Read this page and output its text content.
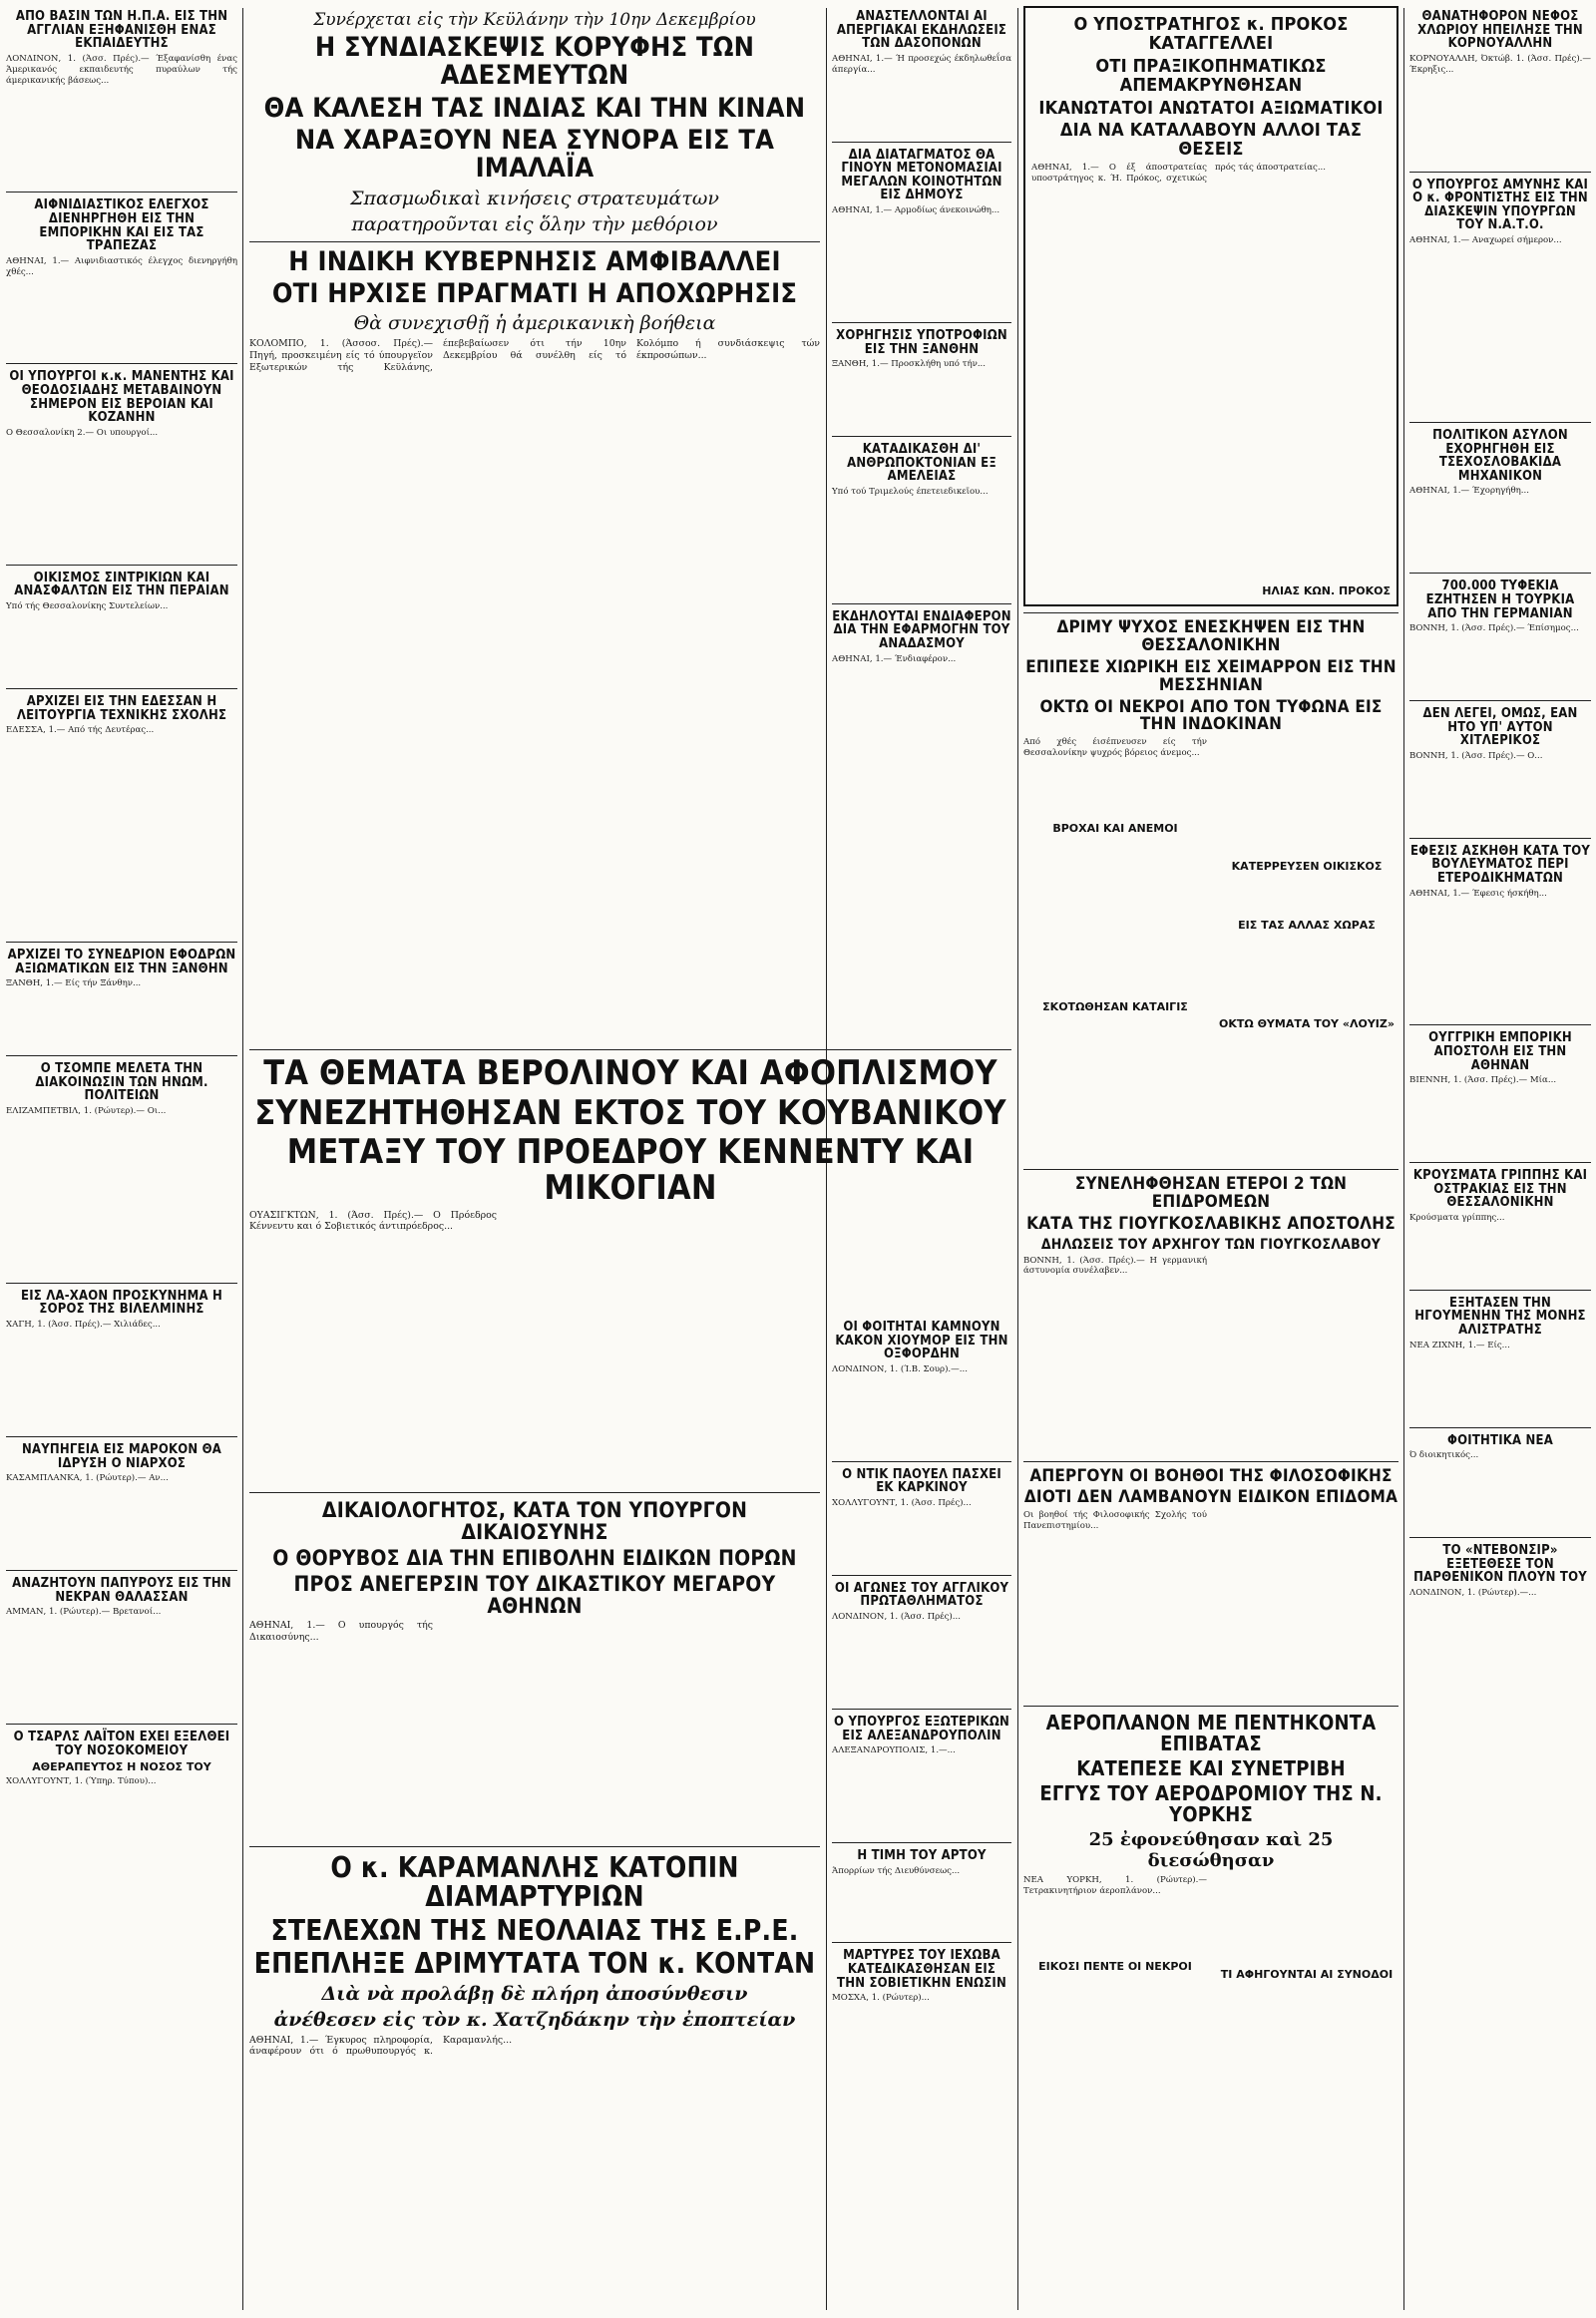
ΑΠΟ ΒΑΣΙΝ ΤΩΝ Η.Π.Α. ΕΙΣ ΤΗΝ ΑΓΓΛΙΑΝ ΕΞΗΦΑΝΙΣΘΗ ΕΝΑΣ ΕΚΠΑΙΔΕΥΤΗΣ
ΛΟΝΔΙΝΟΝ, 1. (Άσσ. Πρές).— Έξαφανίσθη ένας Άμερικανός εκπαιδευτής πυραύλων τής άμερικανικής βάσεως...
ΑΙΦΝΙΔΙΑΣΤΙΚΟΣ ΕΛΕΓΧΟΣ ΔΙΕΝΗΡΓΗΘΗ ΕΙΣ ΤΗΝ ΕΜΠΟΡΙΚΗΝ ΚΑΙ ΕΙΣ ΤΑΣ ΤΡΑΠΕΖΑΣ
ΑΘΗΝΑΙ, 1.— Αιφνιδιαστικός έλεγχος διενηργήθη χθές...
ΟΙ ΥΠΟΥΡΓΟΙ κ.κ. ΜΑΝΕΝΤΗΣ ΚΑΙ ΘΕΟΔΟΣΙΑΔΗΣ ΜΕΤΑΒΑΙΝΟΥΝ ΣΗΜΕΡΟΝ ΕΙΣ ΒΕΡΟΙΑΝ ΚΑΙ ΚΟΖΑΝΗΝ
Ο Θεσσαλονίκη 2.— Οι υπουργοί...
ΟΙΚΙΣΜΟΣ ΣΙΝΤΡΙΚΙΩΝ ΚΑΙ ΑΝΑΣΦΑΛΤΩΝ ΕΙΣ ΤΗΝ ΠΕΡΑΙΑΝ
Υπό τής Θεσσαλονίκης Συντελείων...
ΑΡΧΙΖΕΙ ΕΙΣ ΤΗΝ ΕΔΕΣΣΑΝ Η ΛΕΙΤΟΥΡΓΙΑ ΤΕΧΝΙΚΗΣ ΣΧΟΛΗΣ
ΕΔΕΣΣΑ, 1.— Από τής Δευτέρας...
ΑΡΧΙΖΕΙ ΤΟ ΣΥΝΕΔΡΙΟΝ ΕΦΟΔΡΩΝ ΑΞΙΩΜΑΤΙΚΩΝ ΕΙΣ ΤΗΝ ΞΑΝΘΗΝ
ΞΑΝΘΗ, 1.— Είς τήν Ξάνθην...
Ο ΤΣΟΜΠΕ ΜΕΛΕΤΑ ΤΗΝ ΔΙΑΚΟΙΝΩΣΙΝ ΤΩΝ ΗΝΩΜ. ΠΟΛΙΤΕΙΩΝ
ΕΛΙΖΑΜΠΕΤΒΙΛ, 1. (Ρώυτερ).— Οι...
ΕΙΣ ΛΑ-ΧΑΟΝ ΠΡΟΣΚΥΝΗΜΑ Η ΣΟΡΟΣ ΤΗΣ ΒΙΛΕΛΜΙΝΗΣ
ΧΑΓΗ, 1. (Άσσ. Πρές).— Χιλιάδες...
ΝΑΥΠΗΓΕΙΑ ΕΙΣ ΜΑΡΟΚΟΝ ΘΑ ΙΔΡΥΣΗ Ο ΝΙΑΡΧΟΣ
ΚΑΣΑΜΠΛΑΝΚΑ, 1. (Ρώυτερ).— Αν...
ΑΝΑΖΗΤΟΥΝ ΠΑΠΥΡΟΥΣ ΕΙΣ ΤΗΝ ΝΕΚΡΑΝ ΘΑΛΑΣΣΑΝ
ΑΜΜΑΝ, 1. (Ρώυτερ).— Βρετανοί...
Ο ΤΣΑΡΛΣ ΛΑΪΤΟΝ ΕΧΕΙ ΕΞΕΛΘΕΙ ΤΟΥ ΝΟΣΟΚΟΜΕΙΟΥ
ΑΘΕΡΑΠΕΥΤΟΣ Η ΝΟΣΟΣ ΤΟΥ
ΧΟΛΛΥΓΟΥΝΤ, 1. (Ύπηρ. Τύπου)...
Συνέρχεται εἰς τὴν Κεϋλάνην τὴν 10ην Δεκεμβρίου
Η ΣΥΝΔΙΑΣΚΕΨΙΣ ΚΟΡΥΦΗΣ ΤΩΝ ΑΔΕΣΜΕΥΤΩΝ
ΘΑ ΚΑΛΕΣΗ ΤΑΣ ΙΝΔΙΑΣ ΚΑΙ ΤΗΝ ΚΙΝΑΝ
ΝΑ ΧΑΡΑΞΟΥΝ ΝΕΑ ΣΥΝΟΡΑ ΕΙΣ ΤΑ ΙΜΑΛΑΪΑ
Σπασμωδικαὶ κινήσεις στρατευμάτων
παρατηροῦνται εἰς ὅλην τὴν μεθόριον
Η ΙΝΔΙΚΗ ΚΥΒΕΡΝΗΣΙΣ ΑΜΦΙΒΑΛΛΕΙ
ΟΤΙ ΗΡΧΙΣΕ ΠΡΑΓΜΑΤΙ Η ΑΠΟΧΩΡΗΣΙΣ
Θὰ συνεχισθῇ ἡ ἀμερικανικὴ βοήθεια
ΚΟΛΟΜΠΟ, 1. (Άσσοσ. Πρές).— Πηγή, προσκειμένη είς τό ύπουργεϊον Εξωτερικών τής Κεϋλάνης, έπεβεβαίωσεν ότι τήν 10ην Δεκεμβρίου θά συνέλθη είς τό Κολόμπο ή συνδιάσκεψις τών έκπροσώπων...
ΑΝΑΣΤΕΛΛΟΝΤΑΙ ΑΙ ΑΠΕΡΓΙΑΚΑΙ ΕΚΔΗΛΩΣΕΙΣ ΤΩΝ ΔΑΣΟΠΟΝΩΝ
ΑΘΗΝΑΙ, 1.— Ή προσεχώς έκδηλωθεΐσα άπεργία...
ΔΙΑ ΔΙΑΤΑΓΜΑΤΟΣ ΘΑ ΓΙΝΟΥΝ ΜΕΤΟΝΟΜΑΣΙΑΙ ΜΕΓΑΛΩΝ ΚΟΙΝΟΤΗΤΩΝ ΕΙΣ ΔΗΜΟΥΣ
ΑΘΗΝΑΙ, 1.— Αρμοδίως άνεκοινώθη...
ΧΟΡΗΓΗΣΙΣ ΥΠΟΤΡΟΦΙΩΝ ΕΙΣ ΤΗΝ ΞΑΝΘΗΝ
ΞΑΝΘΗ, 1.— Προσκλήθη υπό τήν...
ΚΑΤΑΔΙΚΑΣΘΗ ΔΙ' ΑΝΘΡΩΠΟΚΤΟΝΙΑΝ ΕΞ ΑΜΕΛΕΙΑΣ
Υπό τού Τριμελούς έπετειεδικεϊου...
ΕΚΔΗΛΟΥΤΑΙ ΕΝΔΙΑΦΕΡΟΝ ΔΙΑ ΤΗΝ ΕΦΑΡΜΟΓΗΝ ΤΟΥ ΑΝΑΔΑΣΜΟΥ
ΑΘΗΝΑΙ, 1.— Ένδιαφέρον...
ΤΑ ΘΕΜΑΤΑ ΒΕΡΟΛΙΝΟΥ ΚΑΙ ΑΦΟΠΛΙΣΜΟΥ
ΣΥΝΕΖΗΤΗΘΗΣΑΝ ΕΚΤΟΣ ΤΟΥ ΚΟΥΒΑΝΙΚΟΥ
ΜΕΤΑΞΥ ΤΟΥ ΠΡΟΕΔΡΟΥ ΚΕΝΝΕΝΤΥ ΚΑΙ ΜΙΚΟΓΙΑΝ
ΟΥΑΣΙΓΚΤΩΝ, 1. (Άσσ. Πρές).— Ο Πρόεδρος Κέννεντυ και ό Σοβιετικός άντιπρόεδρος...
ΟΙ ΦΟΙΤΗΤΑΙ ΚΑΜΝΟΥΝ ΚΑΚΟΝ ΧΙΟΥΜΟΡ ΕΙΣ ΤΗΝ ΟΞΦΟΡΔΗΝ
ΛΟΝΔΙΝΟΝ, 1. (Ί.Β. Σουρ).—...
Ο ΝΤΙΚ ΠΑΟΥΕΛ ΠΑΣΧΕΙ ΕΚ ΚΑΡΚΙΝΟΥ
ΧΟΛΛΥΓΟΥΝΤ, 1. (Άσσ. Πρές)...
ΟΙ ΑΓΩΝΕΣ ΤΟΥ ΑΓΓΛΙΚΟΥ ΠΡΩΤΑΘΛΗΜΑΤΟΣ
ΛΟΝΔΙΝΟΝ, 1. (Άσσ. Πρές)...
Ο ΥΠΟΥΡΓΟΣ ΕΞΩΤΕΡΙΚΩΝ ΕΙΣ ΑΛΕΞΑΝΔΡΟΥΠΟΛΙΝ
ΑΛΕΞΑΝΔΡΟΥΠΟΛΙΣ, 1.—...
Η ΤΙΜΗ ΤΟΥ ΑΡΤΟΥ
Άπορρίων τής Διευθύνσεως...
ΜΑΡΤΥΡΕΣ ΤΟΥ ΙΕΧΩΒΑ ΚΑΤΕΔΙΚΑΣΘΗΣΑΝ ΕΙΣ ΤΗΝ ΣΟΒΙΕΤΙΚΗΝ ΕΝΩΣΙΝ
ΜΟΣΧΑ, 1. (Ρώυτερ)...
ΔΙΚΑΙΟΛΟΓΗΤΟΣ, ΚΑΤΑ ΤΟΝ ΥΠΟΥΡΓΟΝ ΔΙΚΑΙΟΣΥΝΗΣ
Ο ΘΟΡΥΒΟΣ ΔΙΑ ΤΗΝ ΕΠΙΒΟΛΗΝ ΕΙΔΙΚΩΝ ΠΟΡΩΝ
ΠΡΟΣ ΑΝΕΓΕΡΣΙΝ ΤΟΥ ΔΙΚΑΣΤΙΚΟΥ ΜΕΓΑΡΟΥ ΑΘΗΝΩΝ
ΑΘΗΝΑΙ, 1.— Ο υπουργός τής Δικαιοσύνης...
Ο κ. ΚΑΡΑΜΑΝΛΗΣ ΚΑΤΟΠΙΝ ΔΙΑΜΑΡΤΥΡΙΩΝ
ΣΤΕΛΕΧΩΝ ΤΗΣ ΝΕΟΛΑΙΑΣ ΤΗΣ Ε.Ρ.Ε.
ΕΠΕΠΛΗΞΕ ΔΡΙΜΥΤΑΤΑ ΤΟΝ κ. ΚΟΝΤΑΝ
Διὰ νὰ προλάβῃ δὲ πλήρη ἀποσύνθεσιν
ἀνέθεσεν εἰς τὸν κ. Χατζηδάκην τὴν ἐποπτείαν
ΑΘΗΝΑΙ, 1.— Έγκυρος πληροφορία, άναφέρουν ότι ό πρωθυπουργός κ. Καραμανλής...
Ο ΥΠΟΣΤΡΑΤΗΓΟΣ κ. ΠΡΟΚΟΣ ΚΑΤΑΓΓΕΛΛΕΙ
ΟΤΙ ΠΡΑΞΙΚΟΠΗΜΑΤΙΚΩΣ ΑΠΕΜΑΚΡΥΝΘΗΣΑΝ
ΙΚΑΝΩΤΑΤΟΙ ΑΝΩΤΑΤΟΙ ΑΞΙΩΜΑΤΙΚΟΙ
ΔΙΑ ΝΑ ΚΑΤΑΛΑΒΟΥΝ ΑΛΛΟΙ ΤΑΣ ΘΕΣΕΙΣ
ΑΘΗΝΑΙ, 1.— Ο έξ άποστρατείας υποστράτηγος κ. Ή. Πρόκος, σχετικώς πρός τάς άποστρατείας...
ΗΛΙΑΣ ΚΩΝ. ΠΡΟΚΟΣ
ΔΡΙΜΥ ΨΥΧΟΣ ΕΝΕΣΚΗΨΕΝ ΕΙΣ ΤΗΝ ΘΕΣΣΑΛΟΝΙΚΗΝ
ΕΠΙΠΕΣΕ ΧΙΩΡΙΚΗ ΕΙΣ ΧΕΙΜΑΡΡΟΝ ΕΙΣ ΤΗΝ ΜΕΣΣΗΝΙΑΝ
ΟΚΤΩ ΟΙ ΝΕΚΡΟΙ ΑΠΟ ΤΟΝ ΤΥΦΩΝΑ ΕΙΣ ΤΗΝ ΙΝΔΟΚΙΝΑΝ
Από χθές έισέπνευσεν είς τήν Θεσσαλονίκην ψυχρός βόρειος άνεμος...
ΒΡΟΧΑΙ ΚΑΙ ΑΝΕΜΟΙ
ΣΚΟΤΩΘΗΣΑΝ ΚΑΤΑΙΓΙΣ
ΚΑΤΕΡΡΕΥΣΕΝ ΟΙΚΙΣΚΟΣ
ΕΙΣ ΤΑΣ ΑΛΛΑΣ ΧΩΡΑΣ
ΟΚΤΩ ΘΥΜΑΤΑ ΤΟΥ «ΛΟΥΙΖ»
ΣΥΝΕΛΗΦΘΗΣΑΝ ΕΤΕΡΟΙ 2 ΤΩΝ ΕΠΙΔΡΟΜΕΩΝ
ΚΑΤΑ ΤΗΣ ΓΙΟΥΓΚΟΣΛΑΒΙΚΗΣ ΑΠΟΣΤΟΛΗΣ
ΔΗΛΩΣΕΙΣ ΤΟΥ ΑΡΧΗΓΟΥ ΤΩΝ ΓΙΟΥΓΚΟΣΛΑΒΟΥ
ΒΟΝΝΗ, 1. (Άσσ. Πρές).— Η γερμανική άστυνομία συνέλαβεν...
ΑΠΕΡΓΟΥΝ ΟΙ ΒΟΗΘΟΙ ΤΗΣ ΦΙΛΟΣΟΦΙΚΗΣ
ΔΙΟΤΙ ΔΕΝ ΛΑΜΒΑΝΟΥΝ ΕΙΔΙΚΟΝ ΕΠΙΔΟΜΑ
Οι βοηθοί τής Φιλοσοφικής Σχολής τού Πανεπιστημίου...
ΑΕΡΟΠΛΑΝΟΝ ΜΕ ΠΕΝΤΗΚΟΝΤΑ ΕΠΙΒΑΤΑΣ
ΚΑΤΕΠΕΣΕ ΚΑΙ ΣΥΝΕΤΡΙΒΗ
ΕΓΓΥΣ ΤΟΥ ΑΕΡΟΔΡΟΜΙΟΥ ΤΗΣ Ν. ΥΟΡΚΗΣ
25 ἐφονεύθησαν καὶ 25 διεσώθησαν
ΝΕΑ ΥΟΡΚΗ, 1. (Ρώυτερ).— Τετρακινητήριον άεροπλάνον...
ΕΙΚΟΣΙ ΠΕΝΤΕ ΟΙ ΝΕΚΡΟΙ
ΤΙ ΑΦΗΓΟΥΝΤΑΙ ΑΙ ΣΥΝΟΔΟΙ
ΘΑΝΑΤΗΦΟΡΟΝ ΝΕΦΟΣ ΧΛΩΡΙΟΥ ΗΠΕΙΛΗΣΕ ΤΗΝ ΚΟΡΝΟΥΑΛΛΗΝ
ΚΟΡΝΟΥΑΛΛΗ, Όκτώβ. 1. (Άσσ. Πρές).— Έκρηξις...
Ο ΥΠΟΥΡΓΟΣ ΑΜΥΝΗΣ ΚΑΙ Ο κ. ΦΡΟΝΤΙΣΤΗΣ ΕΙΣ ΤΗΝ ΔΙΑΣΚΕΨΙΝ ΥΠΟΥΡΓΩΝ ΤΟΥ Ν.Α.Τ.Ο.
ΑΘΗΝΑΙ, 1.— Αναχωρεί σήμερον...
ΠΟΛΙΤΙΚΟΝ ΑΣΥΛΟΝ ΕΧΟΡΗΓΗΘΗ ΕΙΣ ΤΣΕΧΟΣΛΟΒΑΚΙΔΑ ΜΗΧΑΝΙΚΟΝ
ΑΘΗΝΑΙ, 1.— Έχορηγήθη...
700.000 ΤΥΦΕΚΙΑ ΕΖΗΤΗΣΕΝ Η ΤΟΥΡΚΙΑ ΑΠΟ ΤΗΝ ΓΕΡΜΑΝΙΑΝ
ΒΟΝΝΗ, 1. (Άσσ. Πρές).— Έπίσημος...
ΔΕΝ ΛΕΓΕΙ, ΟΜΩΣ, ΕΑΝ ΗΤΟ ΥΠ' ΑΥΤΟΝ ΧΙΤΛΕΡΙΚΟΣ
ΒΟΝΝΗ, 1. (Άσσ. Πρές).— Ο...
ΕΦΕΣΙΣ ΑΣΚΗΘΗ ΚΑΤΑ ΤΟΥ ΒΟΥΛΕΥΜΑΤΟΣ ΠΕΡΙ ΕΤΕΡΟΔΙΚΗΜΑΤΩΝ
ΑΘΗΝΑΙ, 1.— Έφεσις ήσκήθη...
ΟΥΓΓΡΙΚΗ ΕΜΠΟΡΙΚΗ ΑΠΟΣΤΟΛΗ ΕΙΣ ΤΗΝ ΑΘΗΝΑΝ
ΒΙΕΝΝΗ, 1. (Άσσ. Πρές).— Μία...
ΚΡΟΥΣΜΑΤΑ ΓΡΙΠΠΗΣ ΚΑΙ ΟΣΤΡΑΚΙΑΣ ΕΙΣ ΤΗΝ ΘΕΣΣΑΛΟΝΙΚΗΝ
Κρούσματα γρίππης...
ΕΞΗΤΑΣΕΝ ΤΗΝ ΗΓΟΥΜΕΝΗΝ ΤΗΣ ΜΟΝΗΣ ΑΛΙΣΤΡΑΤΗΣ
ΝΕΑ ΖΙΧΝΗ, 1.— Είς...
ΦΟΙΤΗΤΙΚΑ ΝΕΑ
Ό διοικητικός...
ΤΟ «ΝΤΕΒΟΝΣΙΡ» ΕΞΕΤΕΘΕΣΕ ΤΟΝ ΠΑΡΘΕΝΙΚΟΝ ΠΛΟΥΝ ΤΟΥ
ΛΟΝΔΙΝΟΝ, 1. (Ρώυτερ).—...
